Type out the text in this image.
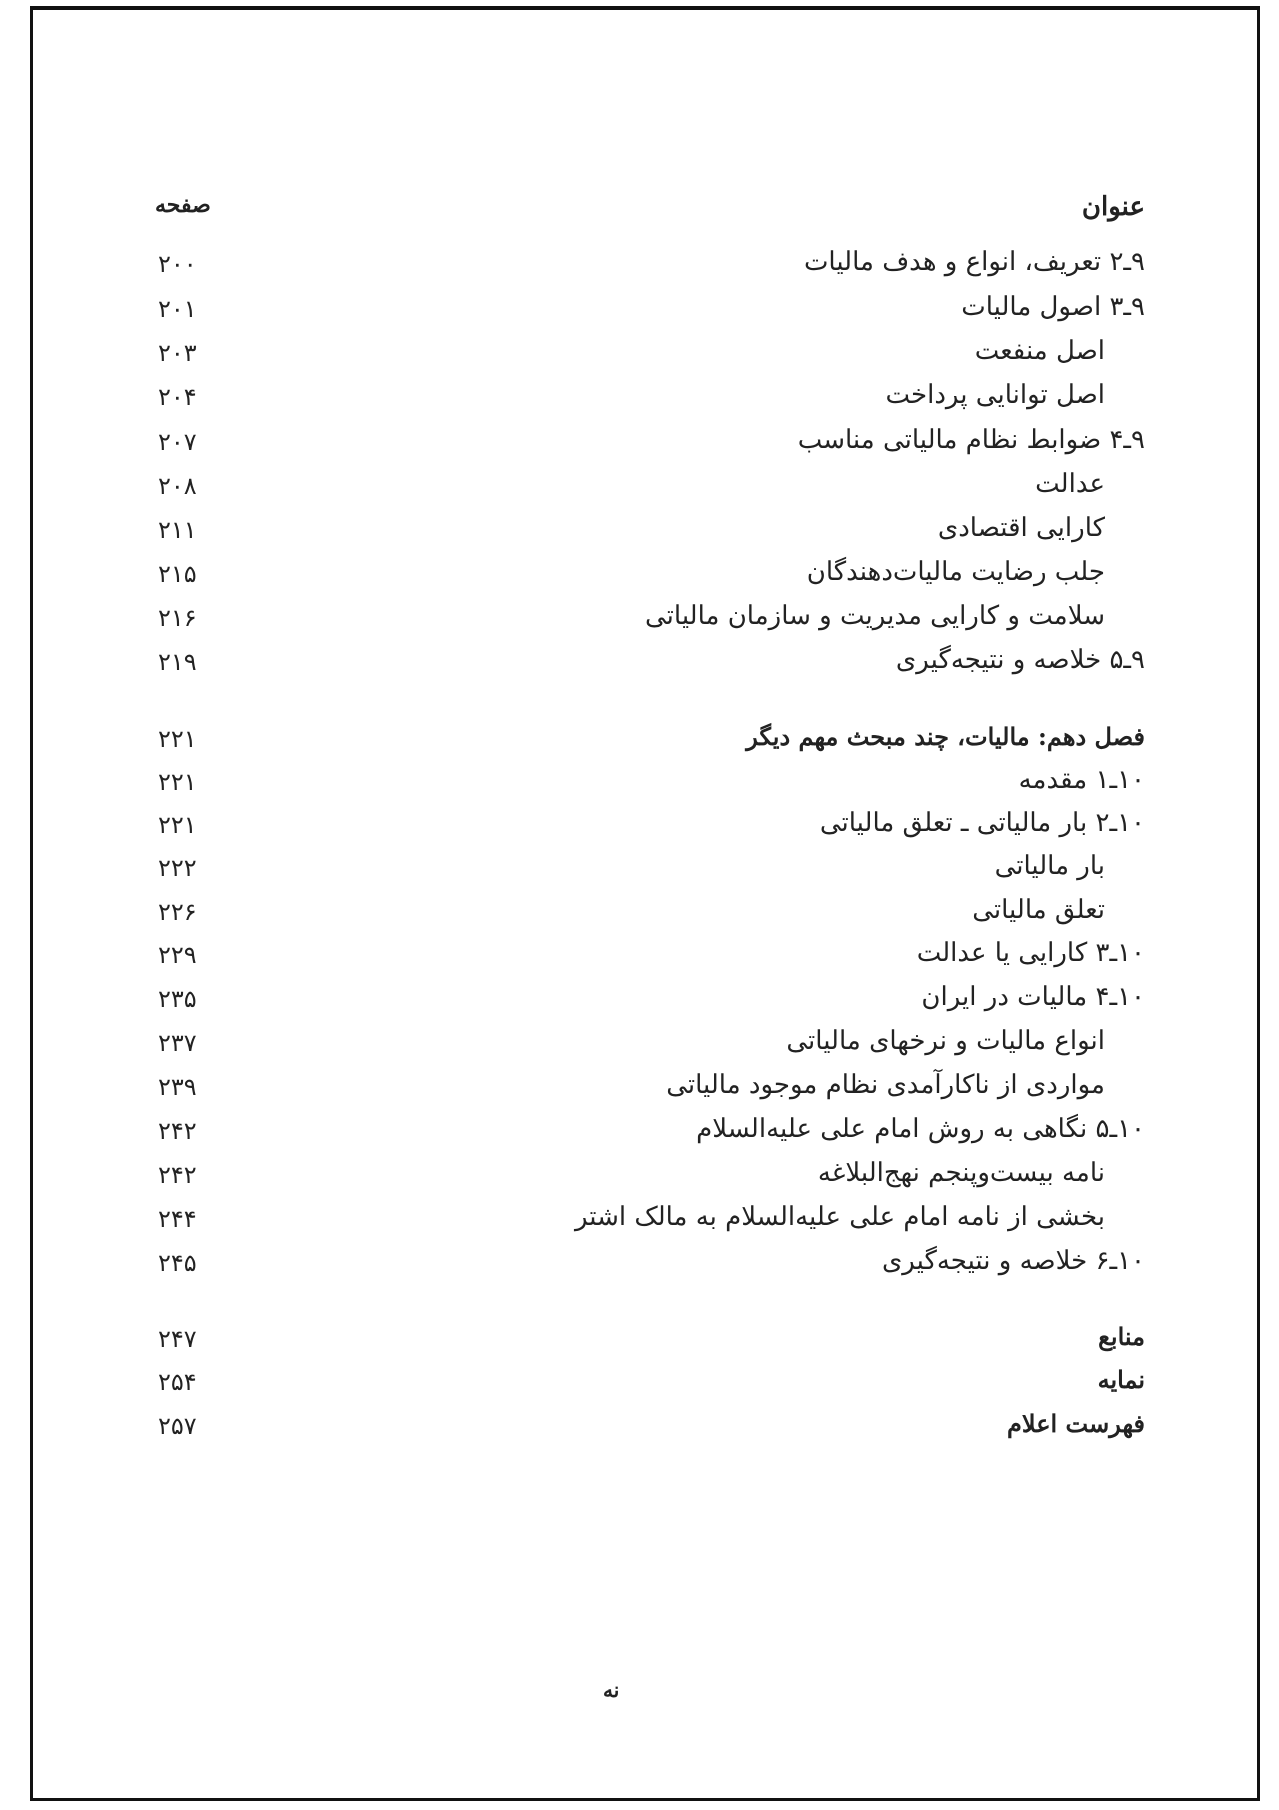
عنوان
صفحه
۹ـ۲ تعریف، انواع و هدف مالیات
۲۰۰
۹ـ۳ اصول مالیات
۲۰۱
اصل منفعت
۲۰۳
اصل توانایی پرداخت
۲۰۴
۹ـ۴ ضوابط نظام مالیاتی مناسب
۲۰۷
عدالت
۲۰۸
کارایی اقتصادی
۲۱۱
جلب رضایت مالیات‌دهندگان
۲۱۵
سلامت و کارایی مدیریت و سازمان مالیاتی
۲۱۶
۹ـ۵ خلاصه و نتیجه‌گیری
۲۱۹
فصل دهم: مالیات، چند مبحث مهم دیگر
۲۲۱
۱۰ـ۱ مقدمه
۲۲۱
۱۰ـ۲ بار مالیاتی ـ تعلق مالیاتی
۲۲۱
بار مالیاتی
۲۲۲
تعلق مالیاتی
۲۲۶
۱۰ـ۳ کارایی یا عدالت
۲۲۹
۱۰ـ۴ مالیات در ایران
۲۳۵
انواع مالیات و نرخهای مالیاتی
۲۳۷
مواردی از ناکارآمدی نظام موجود مالیاتی
۲۳۹
۱۰ـ۵ نگاهی به روش امام علی علیه‌السلام
۲۴۲
نامه بیست‌وپنجم نهج‌البلاغه
۲۴۲
بخشی از نامه امام علی علیه‌السلام به مالک اشتر
۲۴۴
۱۰ـ۶ خلاصه و نتیجه‌گیری
۲۴۵
منابع
۲۴۷
نمایه
۲۵۴
فهرست اعلام
۲۵۷
نه
